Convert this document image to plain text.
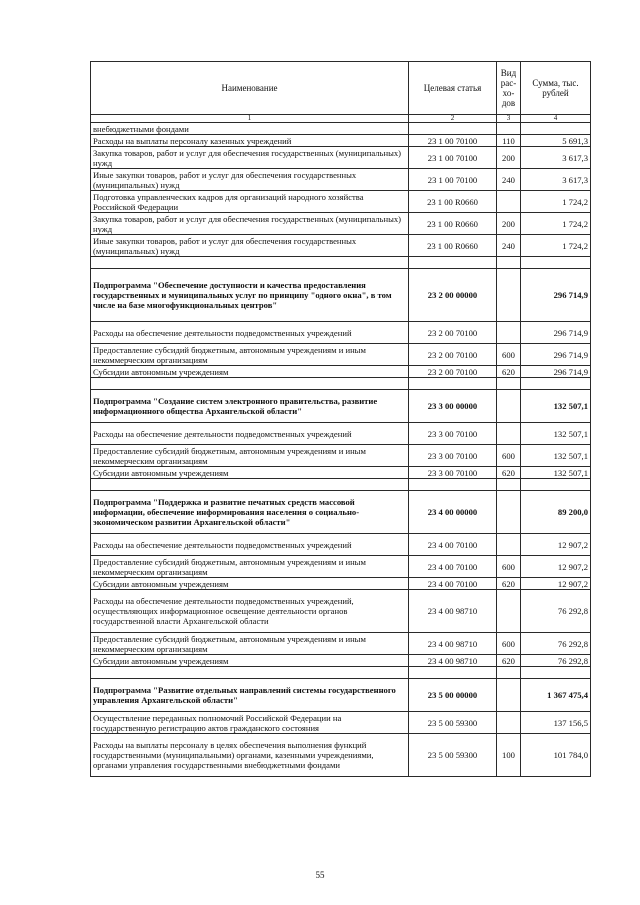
Наименование	Целевая статья	Вид рас-хо-дов	Сумма, тыс. рублей
1	2	3	4
внебюджетными фондами			
Расходы на выплаты персоналу казенных учреждений	23 1 00 70100	110	5 691,3
Закупка товаров, работ и услуг для обеспечения государственных (муниципальных) нужд	23 1 00 70100	200	3 617,3
Иные закупки товаров, работ и услуг для обеспечения государственных (муниципальных) нужд	23 1 00 70100	240	3 617,3
Подготовка управленческих кадров для организаций народного хозяйства Российской Федерации	23 1 00 R0660		1 724,2
Закупка товаров, работ и услуг для обеспечения государственных (муниципальных) нужд	23 1 00 R0660	200	1 724,2
Иные закупки товаров, работ и услуг для обеспечения государственных (муниципальных) нужд	23 1 00 R0660	240	1 724,2

Подпрограмма "Обеспечение доступности и качества предоставления государственных и муниципальных услуг по принципу "одного окна", в том числе на базе многофункциональных центров"	23 2 00 00000		296 714,9
Расходы на обеспечение деятельности подведомственных учреждений	23 2 00 70100		296 714,9
Предоставление субсидий бюджетным, автономным учреждениям и иным некоммерческим организациям	23 2 00 70100	600	296 714,9
Субсидии автономным учреждениям	23 2 00 70100	620	296 714,9

Подпрограмма "Создание систем электронного правительства, развитие информационного общества Архангельской области"	23 3 00 00000		132 507,1
Расходы на обеспечение деятельности подведомственных учреждений	23 3 00 70100		132 507,1
Предоставление субсидий бюджетным, автономным учреждениям и иным некоммерческим организациям	23 3 00 70100	600	132 507,1
Субсидии автономным учреждениям	23 3 00 70100	620	132 507,1

Подпрограмма "Поддержка и развитие печатных средств массовой информации, обеспечение информирования населения о социально-экономическом развитии Архангельской области"	23 4 00 00000		89 200,0
Расходы на обеспечение деятельности подведомственных учреждений	23 4 00 70100		12 907,2
Предоставление субсидий бюджетным, автономным учреждениям и иным некоммерческим организациям	23 4 00 70100	600	12 907,2
Субсидии автономным учреждениям	23 4 00 70100	620	12 907,2
Расходы на обеспечение деятельности подведомственных учреждений, осуществляющих информационное освещение деятельности органов государственной власти Архангельской области	23 4 00 98710		76 292,8
Предоставление субсидий бюджетным, автономным учреждениям и иным некоммерческим организациям	23 4 00 98710	600	76 292,8
Субсидии автономным учреждениям	23 4 00 98710	620	76 292,8

Подпрограмма "Развитие отдельных направлений системы государственного управления Архангельской области"	23 5 00 00000		1 367 475,4
Осуществление переданных полномочий Российской Федерации на государственную регистрацию актов гражданского состояния	23 5 00 59300		137 156,5
Расходы на выплаты персоналу в целях обеспечения выполнения функций государственными (муниципальными) органами, казенными учреждениями, органами управления государственными внебюджетными фондами	23 5 00 59300	100	101 784,0
55
